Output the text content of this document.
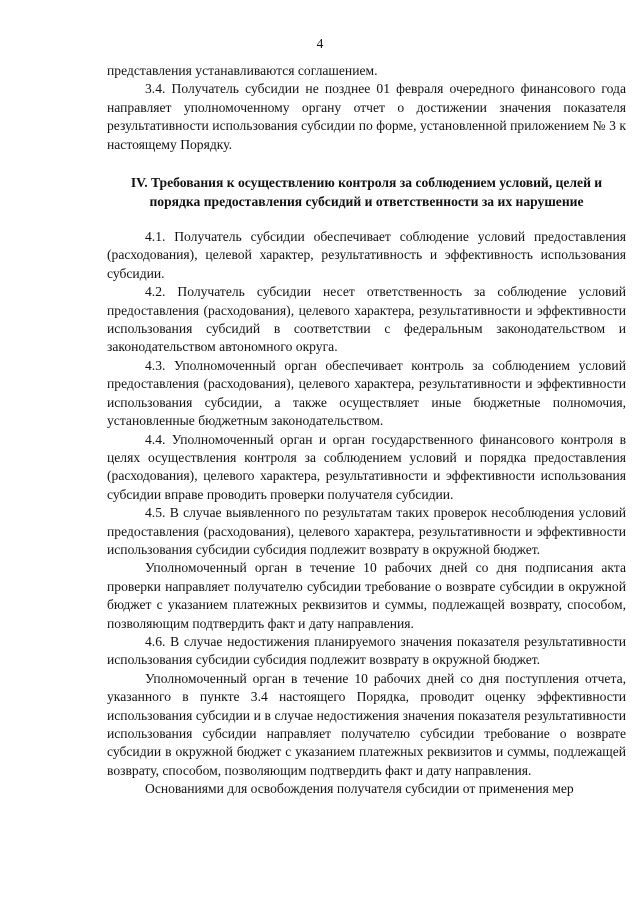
4

представления устанавливаются соглашением.

3.4. Получатель субсидии не позднее 01 февраля очередного финансового года направляет уполномоченному органу отчет о достижении значения показателя результативности использования субсидии по форме, установленной приложением № 3 к настоящему Порядку.

IV. Требования к осуществлению контроля за соблюдением условий, целей и порядка предоставления субсидий и ответственности за их нарушение

4.1. Получатель субсидии обеспечивает соблюдение условий предоставления (расходования), целевой характер, результативность и эффективность использования субсидии.

4.2. Получатель субсидии несет ответственность за соблюдение условий предоставления (расходования), целевого характера, результативности и эффективности использования субсидий в соответствии с федеральным законодательством и законодательством автономного округа.

4.3. Уполномоченный орган обеспечивает контроль за соблюдением условий предоставления (расходования), целевого характера, результативности и эффективности использования субсидии, а также осуществляет иные бюджетные полномочия, установленные бюджетным законодательством.

4.4. Уполномоченный орган и орган государственного финансового контроля в целях осуществления контроля за соблюдением условий и порядка предоставления (расходования), целевого характера, результативности и эффективности использования субсидии вправе проводить проверки получателя субсидии.

4.5. В случае выявленного по результатам таких проверок несоблюдения условий предоставления (расходования), целевого характера, результативности и эффективности использования субсидии субсидия подлежит возврату в окружной бюджет.

Уполномоченный орган в течение 10 рабочих дней со дня подписания акта проверки направляет получателю субсидии требование о возврате субсидии в окружной бюджет с указанием платежных реквизитов и суммы, подлежащей возврату, способом, позволяющим подтвердить факт и дату направления.

4.6. В случае недостижения планируемого значения показателя результативности использования субсидии субсидия подлежит возврату в окружной бюджет.

Уполномоченный орган в течение 10 рабочих дней со дня поступления отчета, указанного в пункте 3.4 настоящего Порядка, проводит оценку эффективности использования субсидии и в случае недостижения значения показателя результативности использования субсидии направляет получателю субсидии требование о возврате субсидии в окружной бюджет с указанием платежных реквизитов и суммы, подлежащей возврату, способом, позволяющим подтвердить факт и дату направления.

Основаниями для освобождения получателя субсидии от применения мер
